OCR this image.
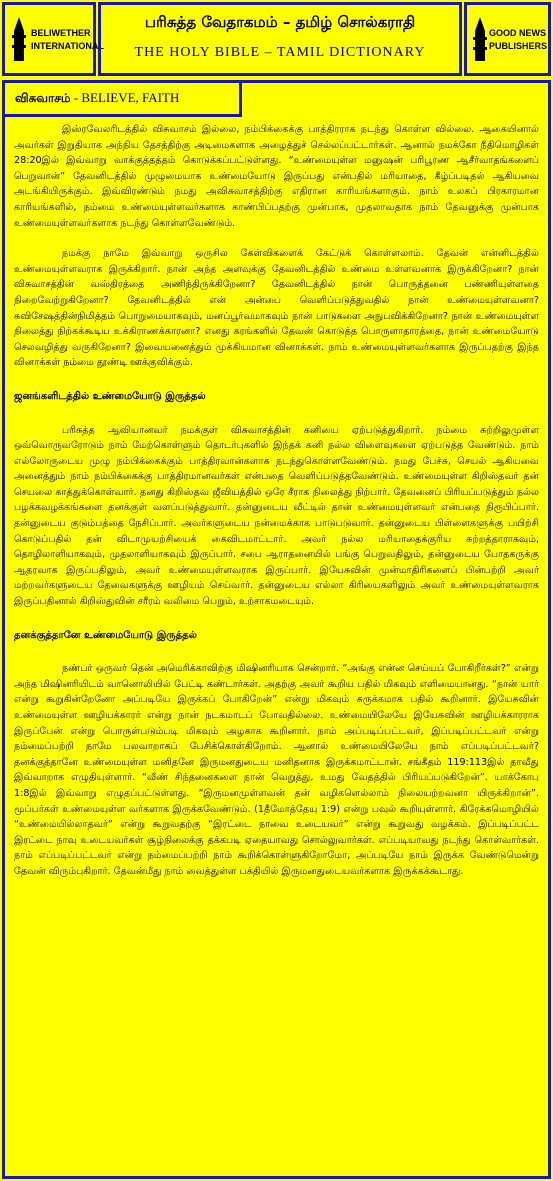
BELIWETHER
INTERNATIONAL
பரிசுத்த வேதாகமம் – தமிழ் சொல்கராதி
THE HOLY BIBLE – TAMIL DICTIONARY
GOOD NEWS
PUBLISHERS
விசுவாசம் - BELIEVE, FAITH

இஸ்ரவேலரிடத்தில் விசுவாசம் இல்லை, நம்பிக்கைக்கு பாத்திரராக நடந்து கொள்ள வில்லை. ஆகையினால் அவர்கள் இறுதியாக அந்நிய தேசத்திற்கு அடிமைகளாக அழைத்துச் செல்லப்பட்டார்கள். ஆனால் நமக்கோ நீதிமொழிகள் 28:20இல் இவ்வாறு வாக்குத்தத்தம் கொடுக்கப்பட்டுள்ளது. “உண்மையுள்ள மனுஷன் பரிபூரண ஆசீர்வாதங்களைப் பெறுவான்” தேவனிடத்தில் முழுமையாக உண்மையோடு இருப்பது என்பதில் மரியாதை, கீழ்ப்படிதல் ஆகியவை அடங்கியிருக்கும். இவ்விரண்டும் நமது அவிசுவாசத்திற்கு எதிரான காரியங்களாகும். நாம் உலகப் பிரகாரமான காரியங்களில், நம்மை உண்மையுள்ளவர்களாக காண்பிப்பதற்கு முன்பாக, முதலாவதாக நாம் தேவனுக்கு முன்பாக உண்மையுள்ளவர்களாக நடந்து கொள்ளவேண்டும்.

நமக்கு நாமே இவ்வாறு ஒருசில கேள்விகளைக் கேட்டுக் கொள்ளலாம். தேவன் என்னிடத்தில் உண்மையுள்ளவராக இருக்கிறார். நான் அந்த அளவுக்கு தேவனிடத்தில் உண்மை உள்ளவனாக இருக்கிறேனா? நான் விசுவாசத்தின் வஸ்திரத்தை அணிந்திருக்கிறேனா? தேவனிடத்தில் நான் பொருத்தனை பண்ணியுள்ளதை நிறைவேற்றுகிறேனா? தேவனிடத்தில் என் அன்பை வெளிப்படுத்துவதில் நான் உண்மையுள்ளவனா? சுவிசேஷத்தின்நிமித்தம் பொறுமையாகவும், மனப்பூர்வமாகவும் நான் பாடுகளை அநுபவிக்கிறேனா? நான் உண்மையுள்ள நிலைத்து நிற்கக்கூடிய உக்கிராணக்காரனா? எனது கரங்களில் தேவன் கொடுத்த பொருளாதாரத்தை, நான் உண்மையோடு செலவழித்து வருகிறேனா? இவையனைத்தும் முக்கியமான வினாக்கள். நாம் உண்மையுள்ளவர்களாக இருப்பதற்கு இந்த வினாக்கள் நம்மை தூண்டி ஊக்குவிக்கும்.

ஜனங்களிடத்தில் உண்மையோடு இருத்தல்

பரிசுத்த ஆவியானவர் நமக்குள் விசுவாசத்தின் கனியை ஏற்படுத்துகிறார். நம்மை சுற்றிலுமுள்ள ஒவ்வொருவரோடும் நாம் மேற்கொள்ளும் தொடர்புகளில் இந்தக் கனி நல்ல விளைவுகளை ஏற்படுத்த வேண்டும். நாம் எல்லோருடைய முழு நம்பிக்கைக்கும் பாத்திரவான்களாக நடந்துகொள்ளவேண்டும். நமது பேச்சு, செயல் ஆகியவை அனைத்தும் நாம் நம்பிக்கைக்கு பாத்திரமானவர்கள் என்பதை வெளிப்படுத்தவேண்டும். உண்மையுள்ள கிறிஸ்தவர் தன் செயலை காத்துக்கொள்வார். தனது கிறிஸ்தவ ஜீவியத்தில் ஒரே சீராக நிலைத்து நிற்பார். தேவனைப் பிரியப்படுத்தும் நல்ல பழக்கவழக்கங்களை தனக்குள் வளப்படுத்துவார். தன்னுடைய வீட்டில் தான் உண்மையுள்ளவர் என்பதை நிரூபிப்பார். தன்னுடைய குடும்பத்தை நேசிப்பார். அவர்களுடைய நன்மைக்காக பாடுபடுவார். தன்னுடைய பிள்ளைகளுக்கு பயிற்சி கொடுப்பதில் தன் விடாமுயற்சியைக் கைவிடமாட்டார். அவர் நல்ல மரியாதைக்குரிய சுற்றத்தாராகவும், தொழிலாளியாகவும், முதலாளியாகவும் இருப்பார். சபை ஆராதனையில் பங்கு பெறுவதிலும், தன்னுடைய போதகருக்கு ஆதரவாக இருப்பதிலும், அவர் உண்மையுள்ளவராக இருப்பார். இயேசுவின் முன்மாதிரிகளைப் பின்பற்றி அவர் மற்றவர்களுடைய தேவைகளுக்கு ஊழியம் செய்வார். தன்னுடைய எல்லா கிரியைகளிலும் அவர் உண்மையுள்ளவராக இருப்பதினால் கிறிஸ்துவின் சரீரம் வலிமை பெறும், உற்சாகமடையும்.

தனக்குத்தானே உண்மையோடு இருத்தல்

நண்பர் ஒருவர் தென் அமெரிக்காவிற்கு மிஷினரியாக சென்றார். “அங்கு என்ன செய்யப் போகிறீர்கள்?” என்று அந்த மிஷினரியிடம் வானொலியில் பேட்டி கண்டார்கள். அதற்கு அவர் கூறிய பதில் மிகவும் எளிமையானது. “நான் யார் என்று கூறுகின்றேனோ அப்படியே இருக்கப் போகிறேன்” என்று மிகவும் சுருக்கமாக பதில் கூறினார். இயேசுவின் உண்மையுள்ள ஊழியக்காரர் என்று நான் நடகமாடப் போவதில்லை. உண்மையிலேயே இயேசுவின் ஊழியக்காரராக இருப்பேன் என்று பொருள்படும்படி மிகவும் அழகாக கூறினார். நாம் அப்படிப்பட்டவர், இப்படிப்பட்டவர் என்று நம்மைப்பற்றி நாமே பலவாறாகப் பேசிக்கொள்கிறோம். ஆனால் உண்மையிலேயே நாம் எப்படிப்பட்டவர்? தனக்குத்தானே உண்மையுள்ள மனிதனே இருமனதுடைய மனிதனாக இருக்கமாட்டான். சங்கீதம் 119:113இல் தாவீது இவ்வாறாக எழுதியுள்ளார். “வீண் சிந்தனைகளை நான் வெறுத்து, உமது வேதத்தில் பிரியப்படுகிறேன்”. யாக்கோபு 1:8இல் இவ்வாறு எழுதப்பட்டுள்ளது. “இருமனமுள்ளவன் தன் வழிகளெல்லாம் நிலையற்றவனா யிருக்கிறான்”. மூப்பர்கள் உண்மையுள்ள வர்களாக இருக்கவேண்டும். (1தீமோத்தேயு 1:9) என்று பவுல் கூறியுள்ளார். கிரேக்கமொழியில் “உண்மையில்லாதவர்” என்று கூறுவதற்கு “இரட்டை நாவை உடையவர்” என்று கூறுவது வழக்கம். இப்படிப்பட்ட இரட்டை நாவு உடையவர்கள் சூழ்நிலைக்கு தக்கபடி ஏதையாவது சொல்லுவார்கள். எப்படியாவது நடந்து கொள்வார்கள். நாம் எப்படிப்பட்டவர் என்று நம்மைப்பற்றி நாம் கூறிக்கொள்ளுகிறோமோ, அப்படியே நாம் இருக்க வேண்டுமென்று தேவன் விரும்புகிறார். தேவன்மீது நாம் வைத்துள்ள பக்தியில் இருமனதுடையவர்களாக இருக்கக்கூடாது.
